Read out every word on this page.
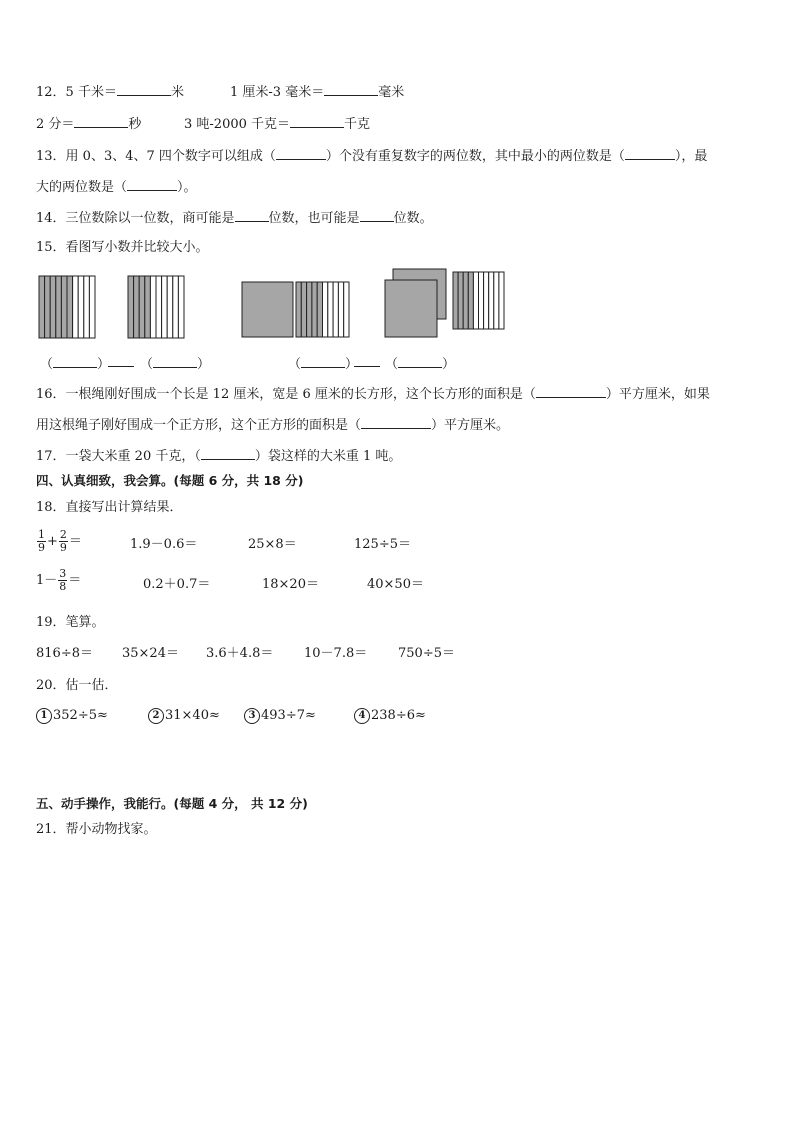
12．5 千米＝	米	1 厘米-3 毫米＝	毫米
2 分＝	秒	3 吨-2000 千克＝	千克
13．用 0、3、4、7 四个数字可以组成（	）个没有重复数字的两位数，其中最小的两位数是（	），最
大的两位数是（	）。
14．三位数除以一位数，商可能是	位数，也可能是	位数。
15．看图写小数并比较大小。
（	） （	）	（	） （	）
16．一根绳刚好围成一个长是 12 厘米，宽是 6 厘米的长方形，这个长方形的面积是（	）平方厘米，如果
用这根绳子刚好围成一个正方形，这个正方形的面积是（	）平方厘米。
17．一袋大米重 20 千克，（	）袋这样的大米重 1 吨。
四、认真细致，我会算。(每题 6 分，共 18 分)
18．直接写出计算结果．
$\frac{1}{9} + \frac{2}{9}$ ＝	1.9－0.6＝	25×8＝	125÷5＝
$1- \frac{3}{8}$ ＝	0.2＋0.7＝	18×20＝	40×50＝
19．笔算。
816÷8＝ 35×24＝ 3.6＋4.8＝ 10－7.8＝ 750÷5＝
20．估一估．
1 352÷5≈	2 31×40≈	3 493÷7≈	4 238÷6≈
五、动手操作，我能行。(每题 4 分， 共 12 分)
21．帮小动物找家。
